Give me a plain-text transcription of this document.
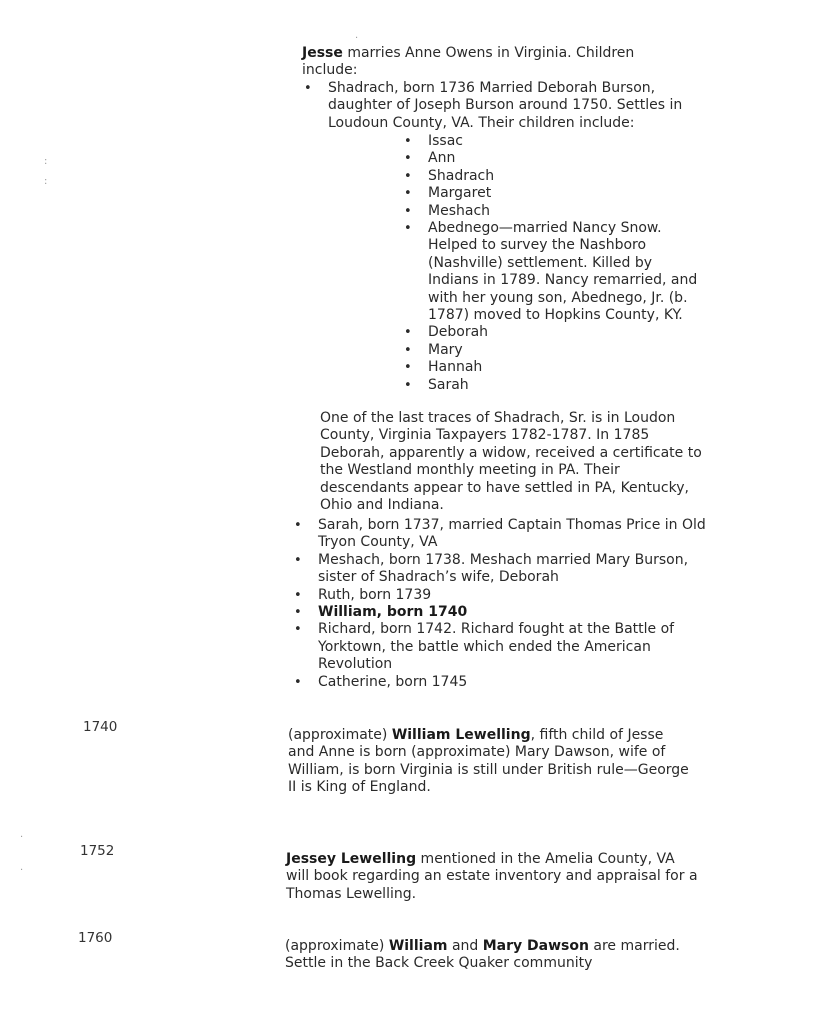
Jesse marries Anne Owens in Virginia. Children include:
• Shadrach, born 1736 Married Deborah Burson, daughter of Joseph Burson around 1750. Settles in Loudoun County, VA. Their children include:
• Issac
• Ann
• Shadrach
• Margaret
• Meshach
• Abednego—married Nancy Snow. Helped to survey the Nashboro (Nashville) settlement. Killed by Indians in 1789. Nancy remarried, and with her young son, Abednego, Jr. (b. 1787) moved to Hopkins County, KY.
• Deborah
• Mary
• Hannah
• Sarah
One of the last traces of Shadrach, Sr. is in Loudon County, Virginia Taxpayers 1782-1787. In 1785 Deborah, apparently a widow, received a certificate to the Westland monthly meeting in PA. Their descendants appear to have settled in PA, Kentucky, Ohio and Indiana.
• Sarah, born 1737, married Captain Thomas Price in Old Tryon County, VA
• Meshach, born 1738. Meshach married Mary Burson, sister of Shadrach’s wife, Deborah
• Ruth, born 1739
• William, born 1740
• Richard, born 1742. Richard fought at the Battle of Yorktown, the battle which ended the American Revolution
• Catherine, born 1745
1740	(approximate) William Lewelling, fifth child of Jesse and Anne is born (approximate) Mary Dawson, wife of William, is born Virginia is still under British rule—George II is King of England.
1752	Jessey Lewelling mentioned in the Amelia County, VA will book regarding an estate inventory and appraisal for a Thomas Lewelling.
1760	(approximate) William and Mary Dawson are married. Settle in the Back Creek Quaker community
:
:
·
·
·
